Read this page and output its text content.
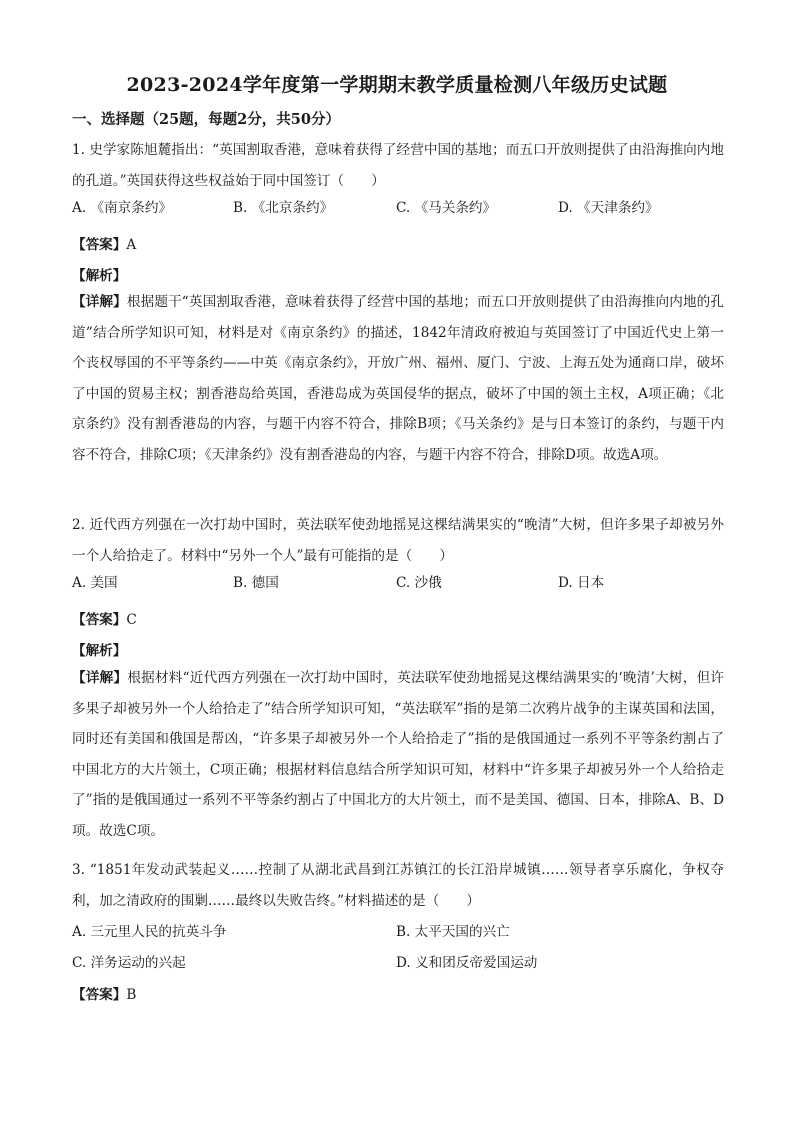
2023-2024学年度第一学期期末教学质量检测八年级历史试题
一、选择题（25题，每题2分，共50分）
1. 史学家陈旭麓指出：“英国割取香港，意味着获得了经营中国的基地；而五口开放则提供了由沿海推向内地的孔道。”英国获得这些权益始于同中国签订（　　）
A. 《南京条约》	B. 《北京条约》	C. 《马关条约》	D. 《天津条约》
【答案】A
【解析】
【详解】根据题干“英国割取香港，意味着获得了经营中国的基地；而五口开放则提供了由沿海推向内地的孔道”结合所学知识可知，材料是对《南京条约》的描述，1842年清政府被迫与英国签订了中国近代史上第一个丧权辱国的不平等条约——中英《南京条约》，开放广州、福州、厦门、宁波、上海五处为通商口岸，破坏了中国的贸易主权；割香港岛给英国，香港岛成为英国侵华的据点，破坏了中国的领土主权，A项正确；《北京条约》没有割香港岛的内容，与题干内容不符合，排除B项；《马关条约》是与日本签订的条约，与题干内容不符合，排除C项；《天津条约》没有割香港岛的内容，与题干内容不符合，排除D项。故选A项。
2. 近代西方列强在一次打劫中国时，英法联军使劲地摇晃这棵结满果实的“晚清”大树，但许多果子却被另外一个人给拾走了。材料中“另外一个人”最有可能指的是（　　）
A. 美国	B. 德国	C. 沙俄	D. 日本
【答案】C
【解析】
【详解】根据材料“近代西方列强在一次打劫中国时，英法联军使劲地摇晃这棵结满果实的‘晚清’大树，但许多果子却被另外一个人给拾走了”结合所学知识可知，“英法联军”指的是第二次鸦片战争的主谋英国和法国，同时还有美国和俄国是帮凶，“许多果子却被另外一个人给拾走了”指的是俄国通过一系列不平等条约割占了中国北方的大片领土，C项正确；根据材料信息结合所学知识可知，材料中“许多果子却被另外一个人给拾走了”指的是俄国通过一系列不平等条约割占了中国北方的大片领土，而不是美国、德国、日本，排除A、B、D项。故选C项。
3. “1851年发动武装起义……控制了从湖北武昌到江苏镇江的长江沿岸城镇……领导者享乐腐化，争权夺利，加之清政府的围剿……最终以失败告终。”材料描述的是（　　）
A. 三元里人民的抗英斗争	B. 太平天国的兴亡
C. 洋务运动的兴起	D. 义和团反帝爱国运动
【答案】B
